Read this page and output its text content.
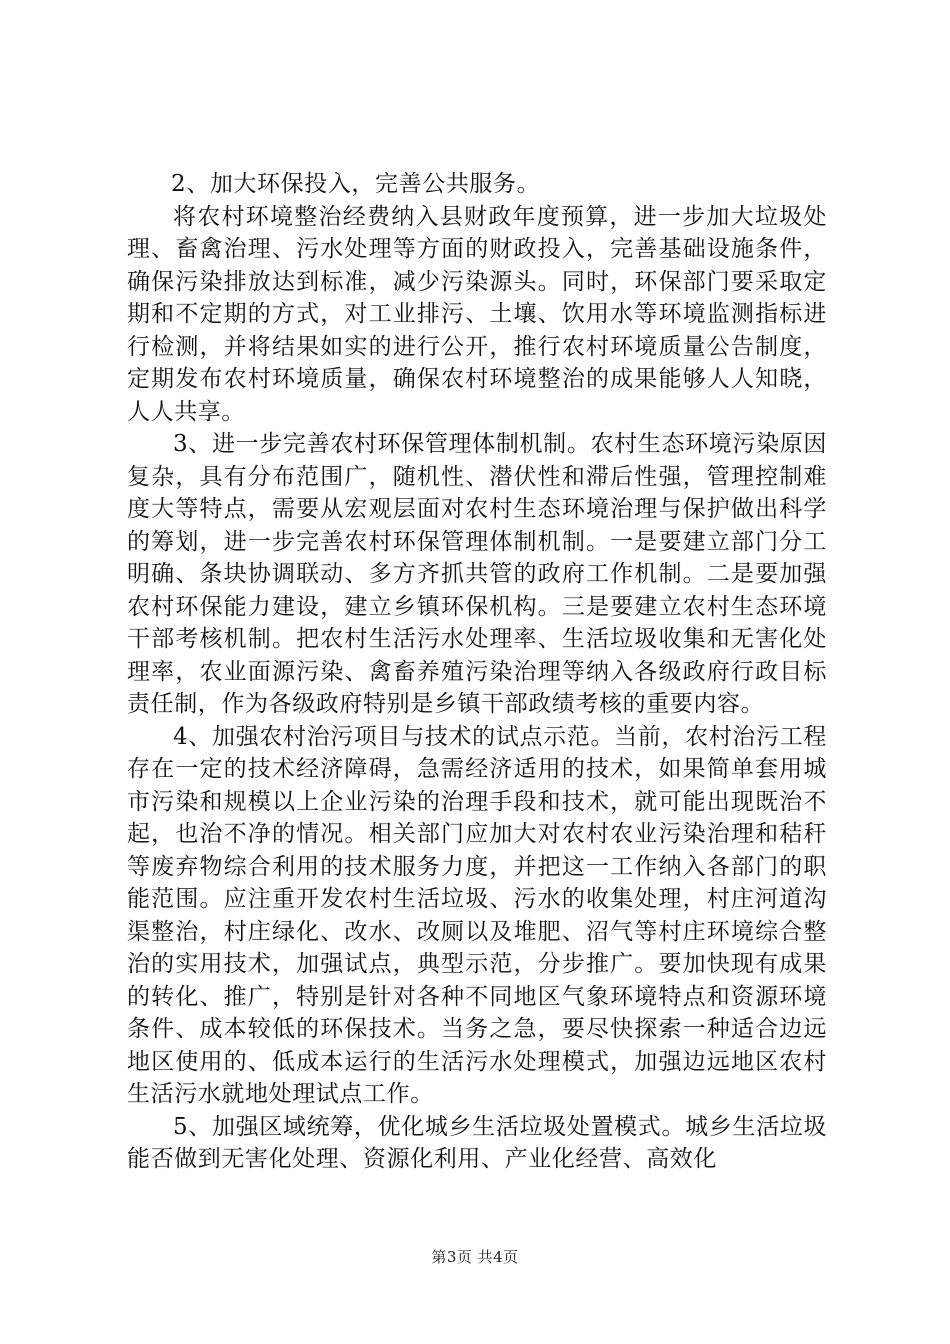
2、加大环保投入，完善公共服务。

将农村环境整治经费纳入县财政年度预算，进一步加大垃圾处理、畜禽治理、污水处理等方面的财政投入，完善基础设施条件，确保污染排放达到标准，减少污染源头。同时，环保部门要采取定期和不定期的方式，对工业排污、土壤、饮用水等环境监测指标进行检测，并将结果如实的进行公开，推行农村环境质量公告制度，定期发布农村环境质量，确保农村环境整治的成果能够人人知晓，人人共享。

3、进一步完善农村环保管理体制机制。农村生态环境污染原因复杂，具有分布范围广，随机性、潜伏性和滞后性强，管理控制难度大等特点，需要从宏观层面对农村生态环境治理与保护做出科学的筹划，进一步完善农村环保管理体制机制。一是要建立部门分工明确、条块协调联动、多方齐抓共管的政府工作机制。二是要加强农村环保能力建设，建立乡镇环保机构。三是要建立农村生态环境干部考核机制。把农村生活污水处理率、生活垃圾收集和无害化处理率，农业面源污染、禽畜养殖污染治理等纳入各级政府行政目标责任制，作为各级政府特别是乡镇干部政绩考核的重要内容。

4、加强农村治污项目与技术的试点示范。当前，农村治污工程存在一定的技术经济障碍，急需经济适用的技术，如果简单套用城市污染和规模以上企业污染的治理手段和技术，就可能出现既治不起，也治不净的情况。相关部门应加大对农村农业污染治理和秸秆等废弃物综合利用的技术服务力度，并把这一工作纳入各部门的职能范围。应注重开发农村生活垃圾、污水的收集处理，村庄河道沟渠整治，村庄绿化、改水、改厕以及堆肥、沼气等村庄环境综合整治的实用技术，加强试点，典型示范，分步推广。要加快现有成果的转化、推广，特别是针对各种不同地区气象环境特点和资源环境条件、成本较低的环保技术。当务之急，要尽快探索一种适合边远地区使用的、低成本运行的生活污水处理模式，加强边远地区农村生活污水就地处理试点工作。

5、加强区域统筹，优化城乡生活垃圾处置模式。城乡生活垃圾能否做到无害化处理、资源化利用、产业化经营、高效化

第3页 共4页
